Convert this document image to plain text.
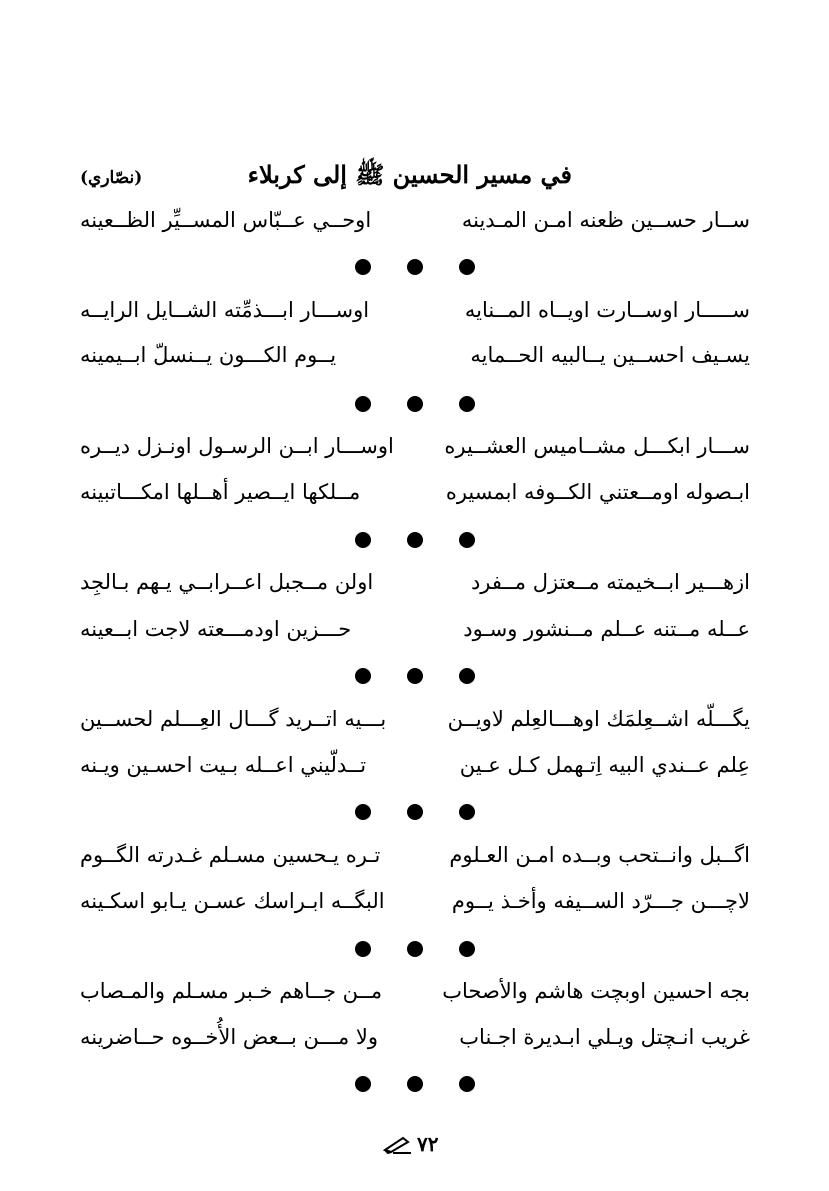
في مسير الحسين ﷺ إلى كربلاء
(نصّاري)
ســار حســين ظعنه امـن المـدينه
اوحــي عــبّاس المســيِّر الظــعينه
ســـــار اوســارت اويــاه المــنايه
اوســـار ابـــذمِّته الشــايل الرايــه
يسـيف احســين يــالبيه الحــمايه
يــوم الكـــون يــنسلّ ابــيمينه
ســـار ابكـــل مشــاميس العشــيره
اوســـار ابــن الرسـول اونـزل ديــره
ابـصوله اومــعتني الكــوفه ابمسيره
مــلكها ايــصير أهــلها امكـــاتبينه
ازهـــير ابــخيمته مــعتزل مــفرد
اولن مــجبل اعــرابــي يـهم بـالجِد
عــله مــتنه عــلم مــنشور وسـود
حـــزين اودمـــعته لاجت ابــعينه
يگـــلّه اشــعِلمَك اوهـــالعِلم لاويــن
بـــيه اتــريد گـــال العِـــلم لحســين
عِلم عــندي البيه اِتـهمل كـل عـين
تــدلّيني اعــله بـيت احسـين ويـنه
اگــبل وانــتحب وبــده امـن العـلوم
تـره يـحسين مسـلم غـدرته الگــوم
لاچـــن جـــرّد الســيفه وأخـذ يــوم
البگــه ابـراسك عسـن يـابو اسكـينه
بجه احسين اوبچت هاشم والأصحاب
مــن جــاهم خـبر مسـلم والمـصاب
غريب انـچتل ويـلي ابـديرة اجـناب
ولا مـــن بــعض الأُخــوه حــاضرينه
٧٢
